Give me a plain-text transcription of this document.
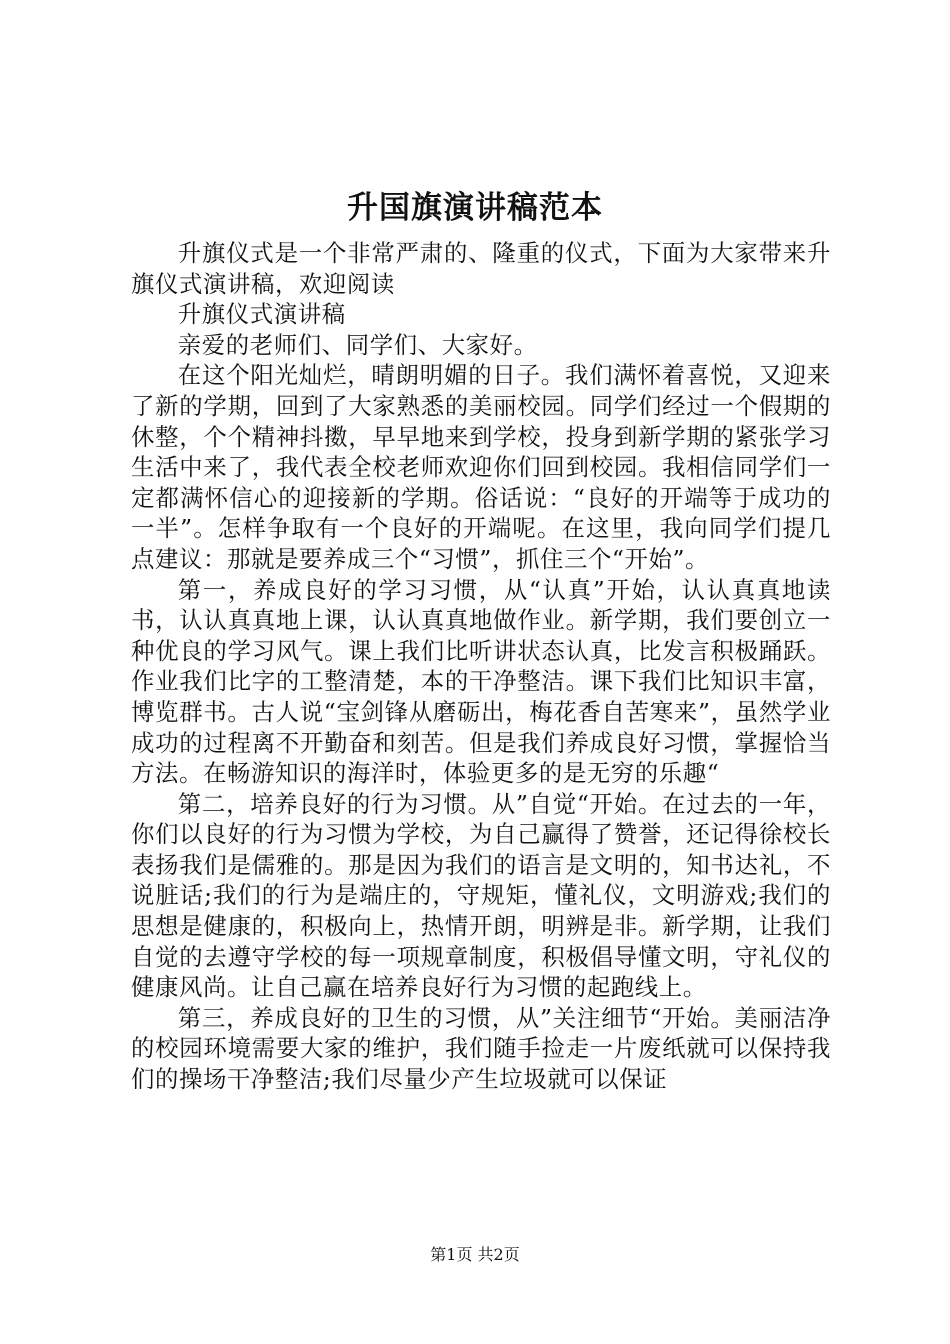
升国旗演讲稿范本

升旗仪式是一个非常严肃的、隆重的仪式，下面为大家带来升旗仪式演讲稿，欢迎阅读

升旗仪式演讲稿

亲爱的老师们、同学们、大家好。

在这个阳光灿烂，晴朗明媚的日子。我们满怀着喜悦，又迎来了新的学期，回到了大家熟悉的美丽校园。同学们经过一个假期的休整，个个精神抖擞，早早地来到学校，投身到新学期的紧张学习生活中来了，我代表全校老师欢迎你们回到校园。我相信同学们一定都满怀信心的迎接新的学期。俗话说：“良好的开端等于成功的一半”。怎样争取有一个良好的开端呢。在这里，我向同学们提几点建议：那就是要养成三个“习惯”，抓住三个“开始”。

第一，养成良好的学习习惯，从“认真”开始，认认真真地读书，认认真真地上课，认认真真地做作业。新学期，我们要创立一种优良的学习风气。课上我们比听讲状态认真，比发言积极踊跃。作业我们比字的工整清楚，本的干净整洁。课下我们比知识丰富，博览群书。古人说“宝剑锋从磨砺出，梅花香自苦寒来”，虽然学业成功的过程离不开勤奋和刻苦。但是我们养成良好习惯，掌握恰当方法。在畅游知识的海洋时，体验更多的是无穷的乐趣“

第二，培养良好的行为习惯。从”自觉“开始。在过去的一年，你们以良好的行为习惯为学校，为自己赢得了赞誉，还记得徐校长表扬我们是儒雅的。那是因为我们的语言是文明的，知书达礼，不说脏话;我们的行为是端庄的，守规矩，懂礼仪，文明游戏;我们的思想是健康的，积极向上，热情开朗，明辨是非。新学期，让我们自觉的去遵守学校的每一项规章制度，积极倡导懂文明，守礼仪的健康风尚。让自己赢在培养良好行为习惯的起跑线上。

第三，养成良好的卫生的习惯，从”关注细节“开始。美丽洁净的校园环境需要大家的维护，我们随手捡走一片废纸就可以保持我们的操场干净整洁;我们尽量少产生垃圾就可以保证

第1页 共2页
